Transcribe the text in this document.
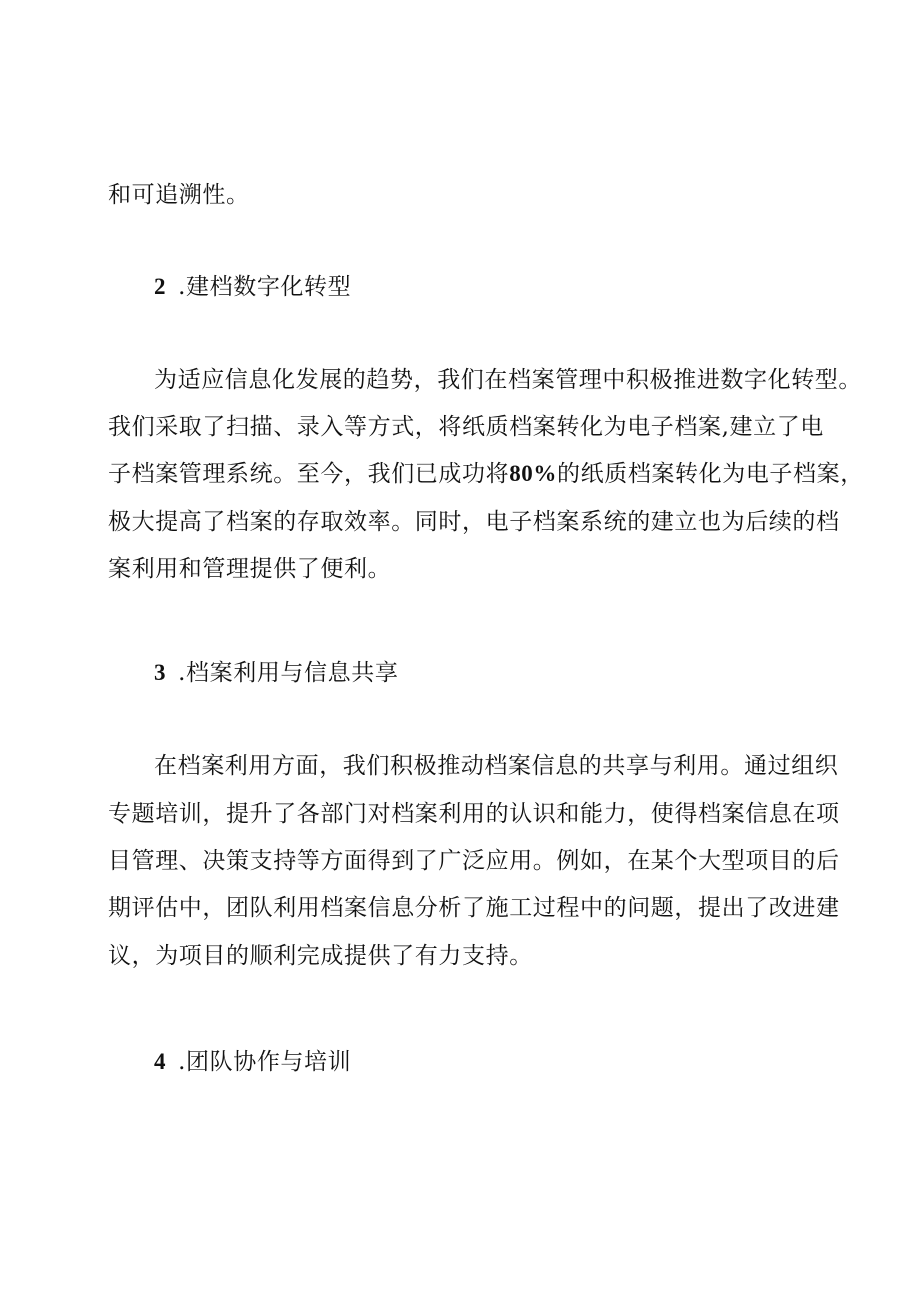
和可追溯性。
2 .建档数字化转型
为适应信息化发展的趋势，我们在档案管理中积极推进数字化转型。
我们采取了扫描、录入等方式，将纸质档案转化为电子档案,建立了电
子档案管理系统。至今，我们已成功将80%的纸质档案转化为电子档案，
极大提高了档案的存取效率。同时，电子档案系统的建立也为后续的档
案利用和管理提供了便利。
3 .档案利用与信息共享
在档案利用方面，我们积极推动档案信息的共享与利用。通过组织
专题培训，提升了各部门对档案利用的认识和能力，使得档案信息在项
目管理、决策支持等方面得到了广泛应用。例如，在某个大型项目的后
期评估中，团队利用档案信息分析了施工过程中的问题，提出了改进建
议，为项目的顺利完成提供了有力支持。
4 .团队协作与培训
